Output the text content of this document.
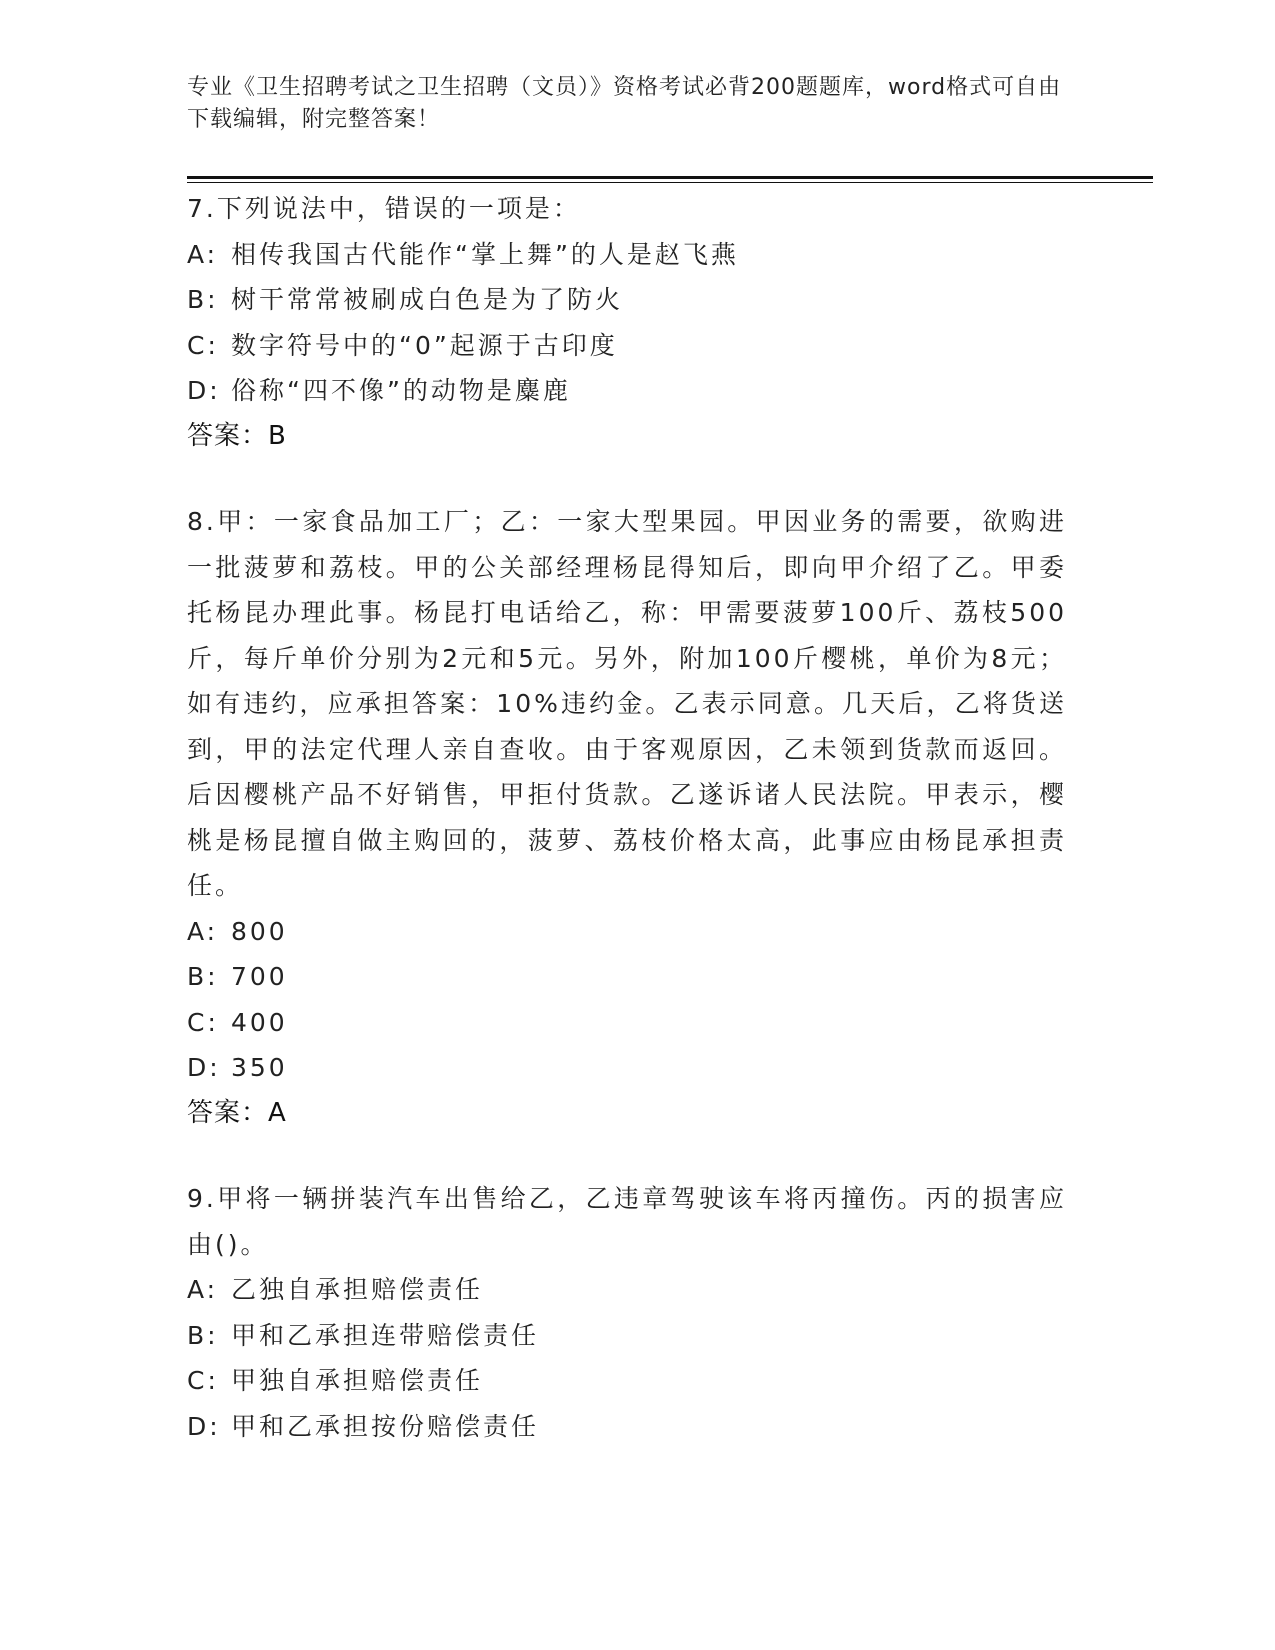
专业《卫生招聘考试之卫生招聘（文员）》资格考试必背200题题库，word格式可自由下载编辑，附完整答案！
7.下列说法中，错误的一项是：
A: 相传我国古代能作“掌上舞”的人是赵飞燕
B: 树干常常被刷成白色是为了防火
C: 数字符号中的“0”起源于古印度
D: 俗称“四不像”的动物是麋鹿
答案：B
8.甲：一家食品加工厂；乙：一家大型果园。甲因业务的需要，欲购进一批菠萝和荔枝。甲的公关部经理杨昆得知后，即向甲介绍了乙。甲委托杨昆办理此事。杨昆打电话给乙，称：甲需要菠萝100斤、荔枝500斤，每斤单价分别为2元和5元。另外，附加100斤樱桃，单价为8元；如有违约，应承担答案：10%违约金。乙表示同意。几天后，乙将货送到，甲的法定代理人亲自查收。由于客观原因，乙未领到货款而返回。后因樱桃产品不好销售，甲拒付货款。乙遂诉诸人民法院。甲表示，樱桃是杨昆擅自做主购回的，菠萝、荔枝价格太高，此事应由杨昆承担责任。
A: 800
B: 700
C: 400
D: 350
答案：A
9.甲将一辆拼装汽车出售给乙，乙违章驾驶该车将丙撞伤。丙的损害应由()。
A: 乙独自承担赔偿责任
B: 甲和乙承担连带赔偿责任
C: 甲独自承担赔偿责任
D: 甲和乙承担按份赔偿责任
